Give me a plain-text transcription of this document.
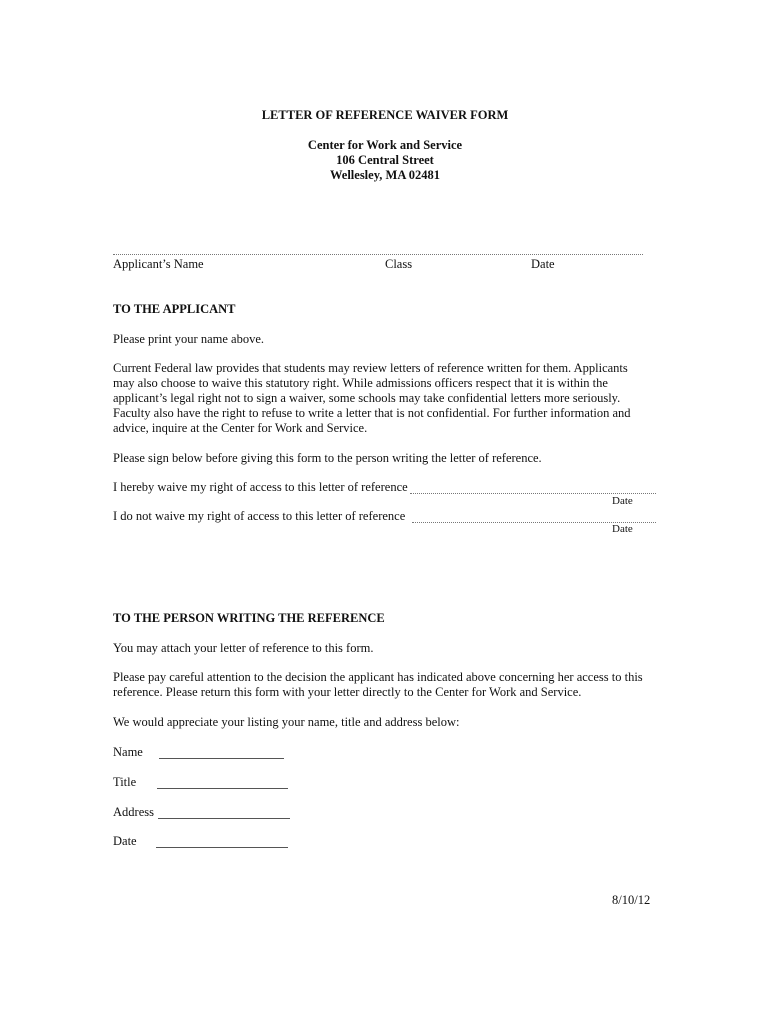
LETTER OF REFERENCE WAIVER FORM
Center for Work and Service
106 Central Street
Wellesley, MA 02481
Applicant’s Name	Class	Date
TO THE APPLICANT
Please print your name above.
Current Federal law provides that students may review letters of reference written for them. Applicants may also choose to waive this statutory right. While admissions officers respect that it is within the applicant’s legal right not to sign a waiver, some schools may take confidential letters more seriously. Faculty also have the right to refuse to write a letter that is not confidential. For further information and advice, inquire at the Center for Work and Service.
Please sign below before giving this form to the person writing the letter of reference.
I hereby waive my right of access to this letter of reference
Date
I do not waive my right of access to this letter of reference
Date
TO THE PERSON WRITING THE REFERENCE
You may attach your letter of reference to this form.
Please pay careful attention to the decision the applicant has indicated above concerning her access to this reference. Please return this form with your letter directly to the Center for Work and Service.
We would appreciate your listing your name, title and address below:
Name
Title
Address
Date
8/10/12
